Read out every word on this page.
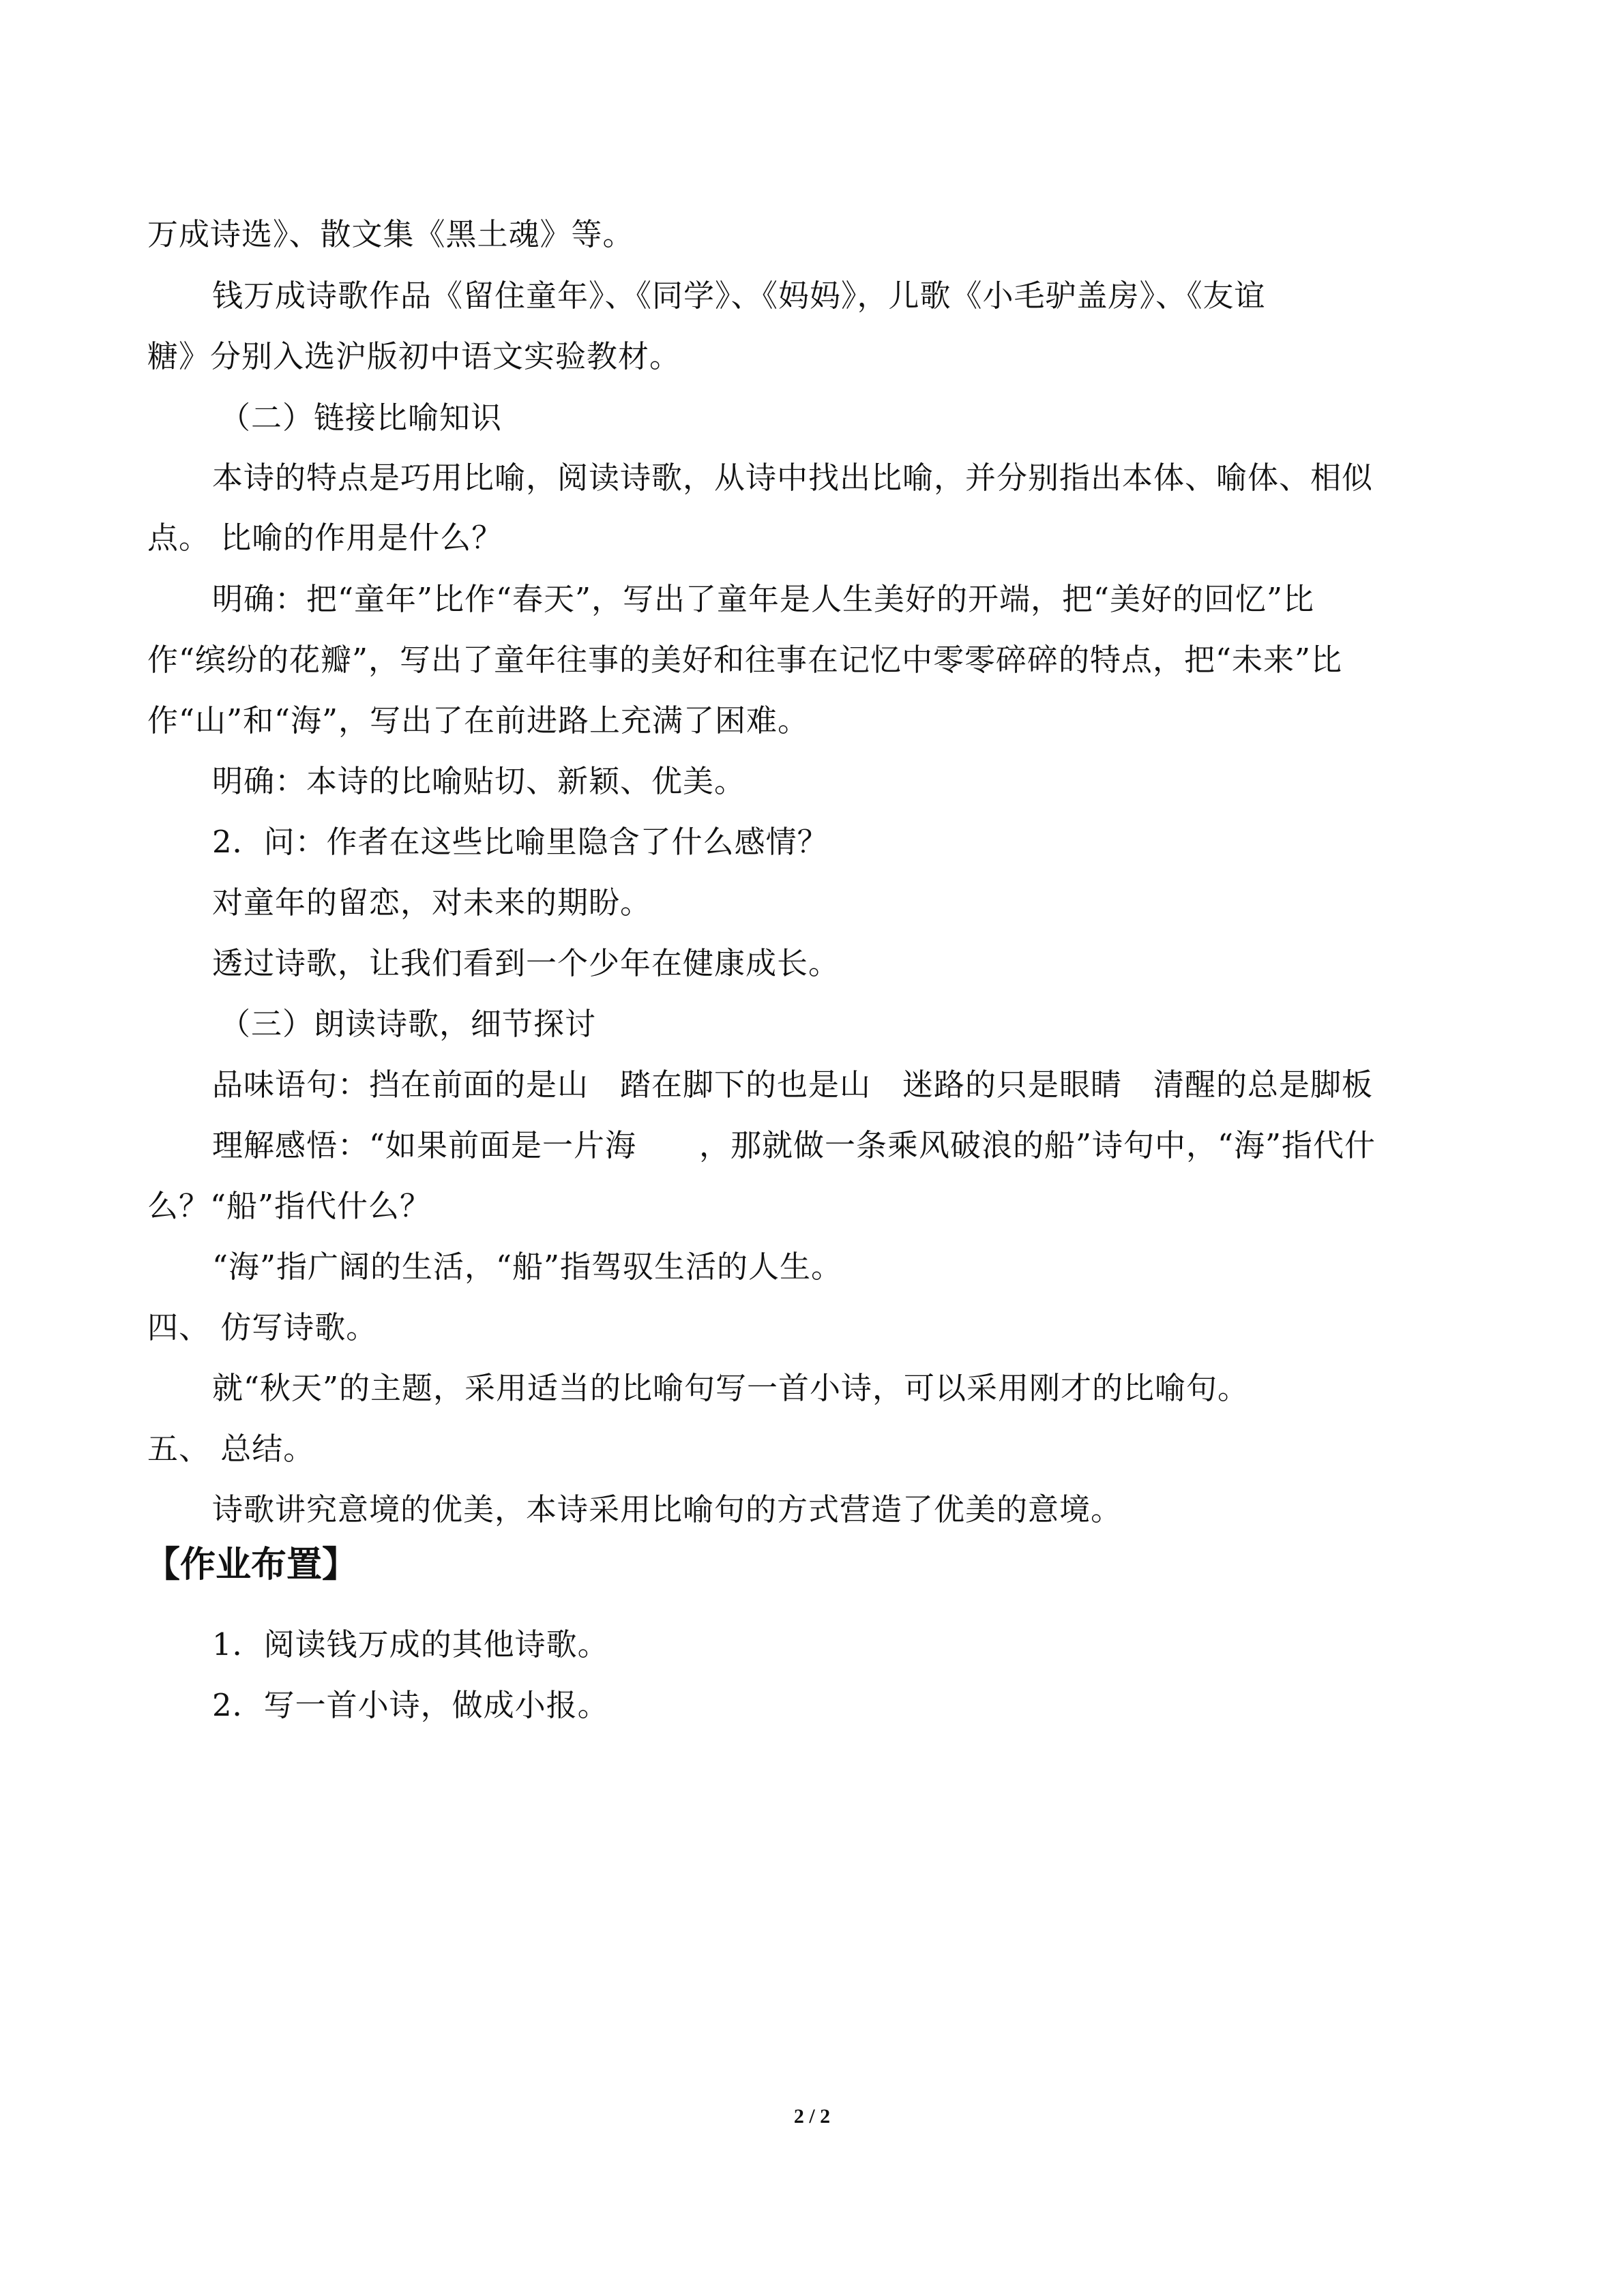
万成诗选》、散文集《黑土魂》等。
钱万成诗歌作品《留住童年》、《同学》、《妈妈》，儿歌《小毛驴盖房》、《友谊
糖》分别入选沪版初中语文实验教材。
（二）链接比喻知识
本诗的特点是巧用比喻，阅读诗歌，从诗中找出比喻，并分别指出本体、喻体、相似
点。 比喻的作用是什么？
明确：把“童年”比作“春天”，写出了童年是人生美好的开端，把“美好的回忆”比
作“缤纷的花瓣”，写出了童年往事的美好和往事在记忆中零零碎碎的特点，把“未来”比
作“山”和“海”，写出了在前进路上充满了困难。
明确：本诗的比喻贴切、新颖、优美。
2．问：作者在这些比喻里隐含了什么感情？
对童年的留恋，对未来的期盼。
透过诗歌，让我们看到一个少年在健康成长。
（三）朗读诗歌，细节探讨
品味语句：挡在前面的是山　踏在脚下的也是山　迷路的只是眼睛　清醒的总是脚板
理解感悟：“如果前面是一片海　　，那就做一条乘风破浪的船”诗句中，“海”指代什
么？“船”指代什么？
“海”指广阔的生活，“船”指驾驭生活的人生。
四、 仿写诗歌。
就“秋天”的主题，采用适当的比喻句写一首小诗，可以采用刚才的比喻句。
五、 总结。
诗歌讲究意境的优美，本诗采用比喻句的方式营造了优美的意境。
【作业布置】
1．阅读钱万成的其他诗歌。
2．写一首小诗，做成小报。
2 / 2
